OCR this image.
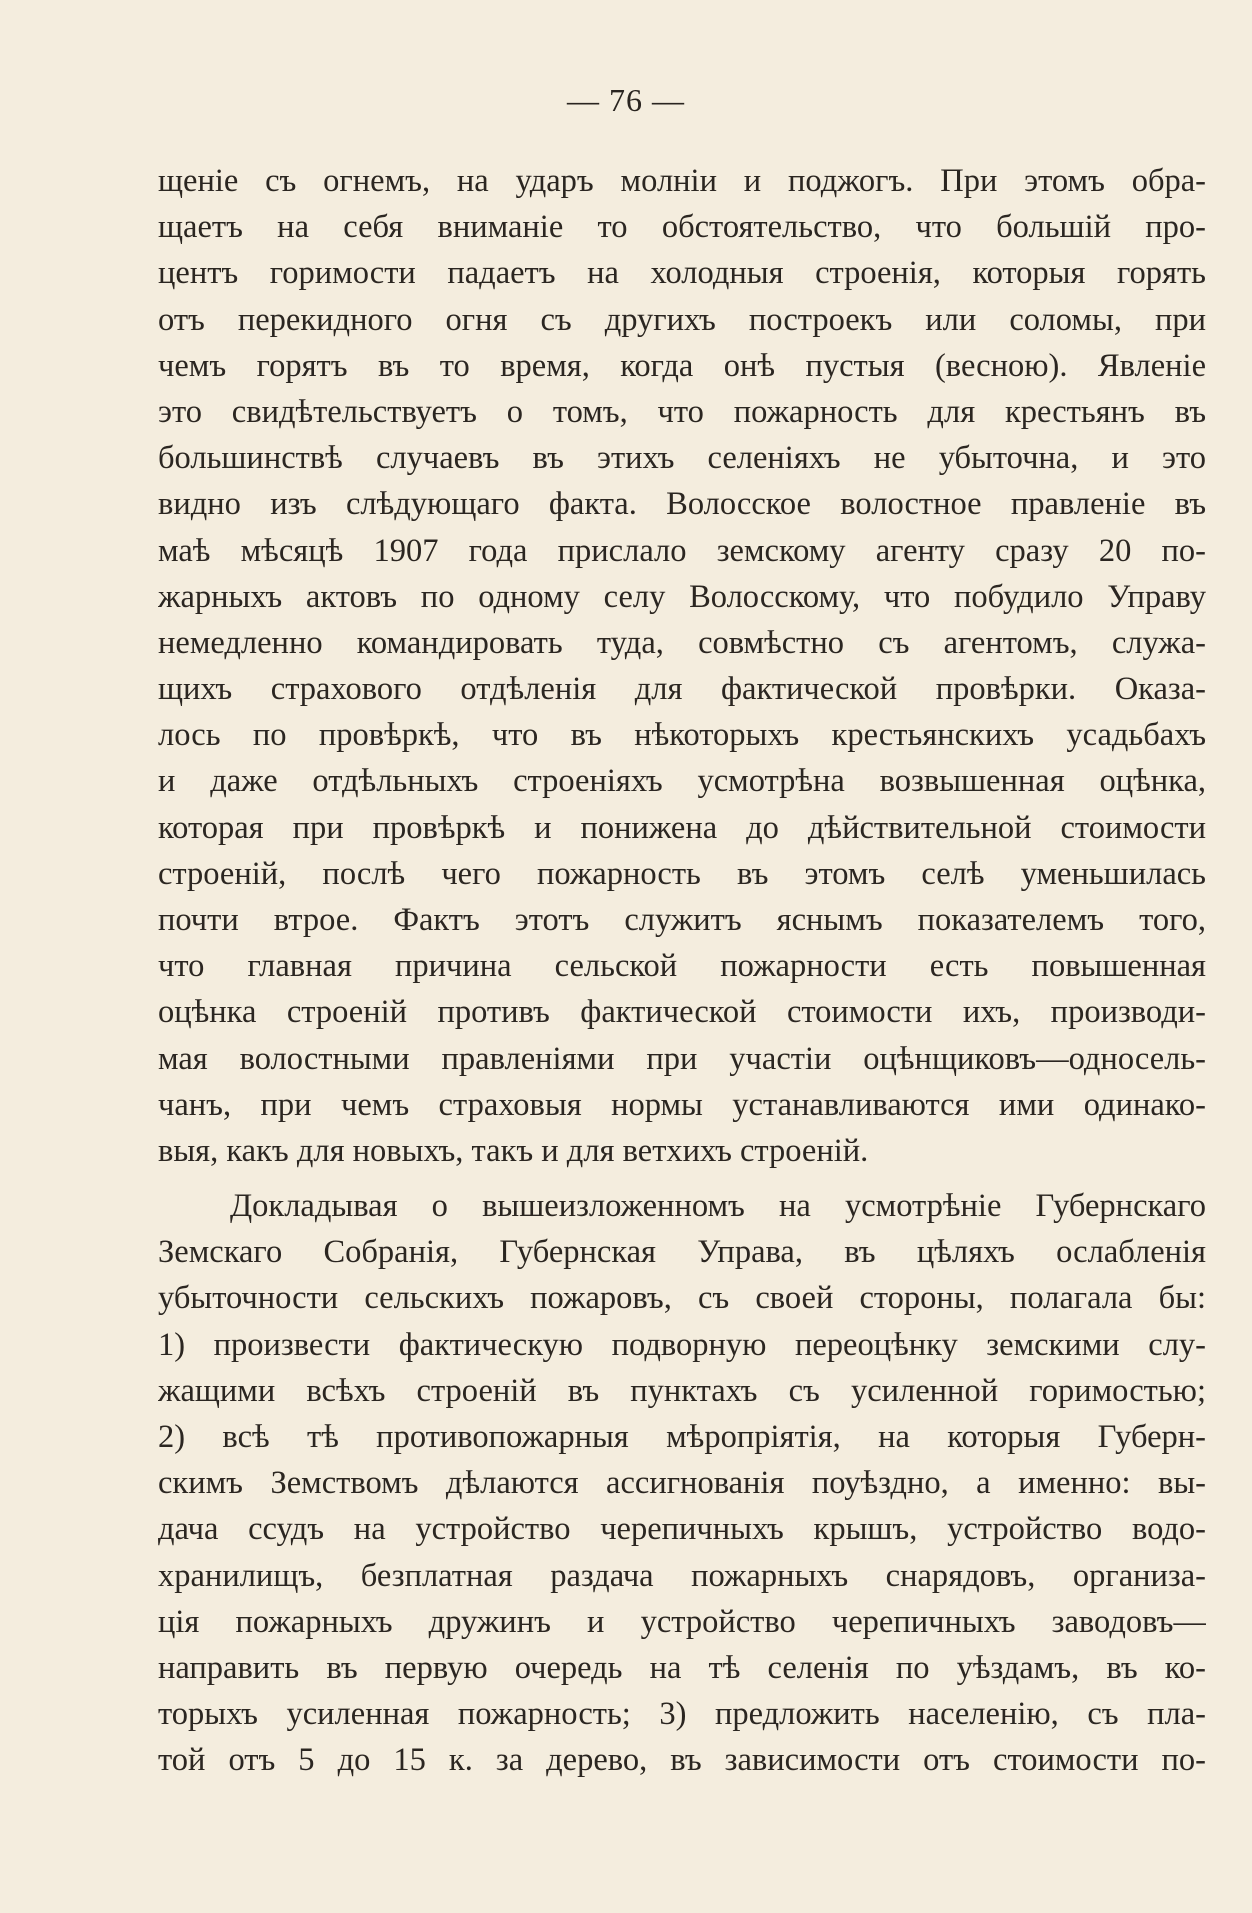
— 76 —
щеніе съ огнемъ, на ударъ молніи и поджогъ. При этомъ обра-
щаетъ на себя вниманіе то обстоятельство, что большій про-
центъ горимости падаетъ на холодныя строенія, которыя горять
отъ перекидного огня съ другихъ построекъ или соломы, при
чемъ горятъ въ то время, когда онѣ пустыя (весною). Явленіе
это свидѣтельствуетъ о томъ, что пожарность для крестьянъ въ
большинствѣ случаевъ въ этихъ селеніяхъ не убыточна, и это
видно изъ слѣдующаго факта. Волосское волостное правленіе въ
маѣ мѣсяцѣ 1907 года прислало земскому агенту сразу 20 по-
жарныхъ актовъ по одному селу Волосскому, что побудило Управу
немедленно командировать туда, совмѣстно съ агентомъ, служа-
щихъ страхового отдѣленія для фактической провѣрки. Оказа-
лось по провѣркѣ, что въ нѣкоторыхъ крестьянскихъ усадьбахъ
и даже отдѣльныхъ строеніяхъ усмотрѣна возвышенная оцѣнка,
которая при провѣркѣ и понижена до дѣйствительной стоимости
строеній, послѣ чего пожарность въ этомъ селѣ уменьшилась
почти втрое. Фактъ этотъ служитъ яснымъ показателемъ того,
что главная причина сельской пожарности есть повышенная
оцѣнка строеній противъ фактической стоимости ихъ, производи-
мая волостными правленіями при участіи оцѣнщиковъ—односель-
чанъ, при чемъ страховыя нормы устанавливаются ими одинако-
выя, какъ для новыхъ, такъ и для ветхихъ строеній.
Докладывая о вышеизложенномъ на усмотрѣніе Губернскаго
Земскаго Собранія, Губернская Управа, въ цѣляхъ ослабленія
убыточности сельскихъ пожаровъ, съ своей стороны, полагала бы:
1) произвести фактическую подворную переоцѣнку земскими слу-
жащими всѣхъ строеній въ пунктахъ съ усиленной горимостью;
2) всѣ тѣ противопожарныя мѣропріятія, на которыя Губерн-
скимъ Земствомъ дѣлаются ассигнованія поуѣздно, а именно: вы-
дача ссудъ на устройство черепичныхъ крышъ, устройство водо-
хранилищъ, безплатная раздача пожарныхъ снарядовъ, организа-
ція пожарныхъ дружинъ и устройство черепичныхъ заводовъ—
направить въ первую очередь на тѣ селенія по уѣздамъ, въ ко-
торыхъ усиленная пожарность; 3) предложить населенію, съ пла-
той отъ 5 до 15 к. за дерево, въ зависимости отъ стоимости по-
